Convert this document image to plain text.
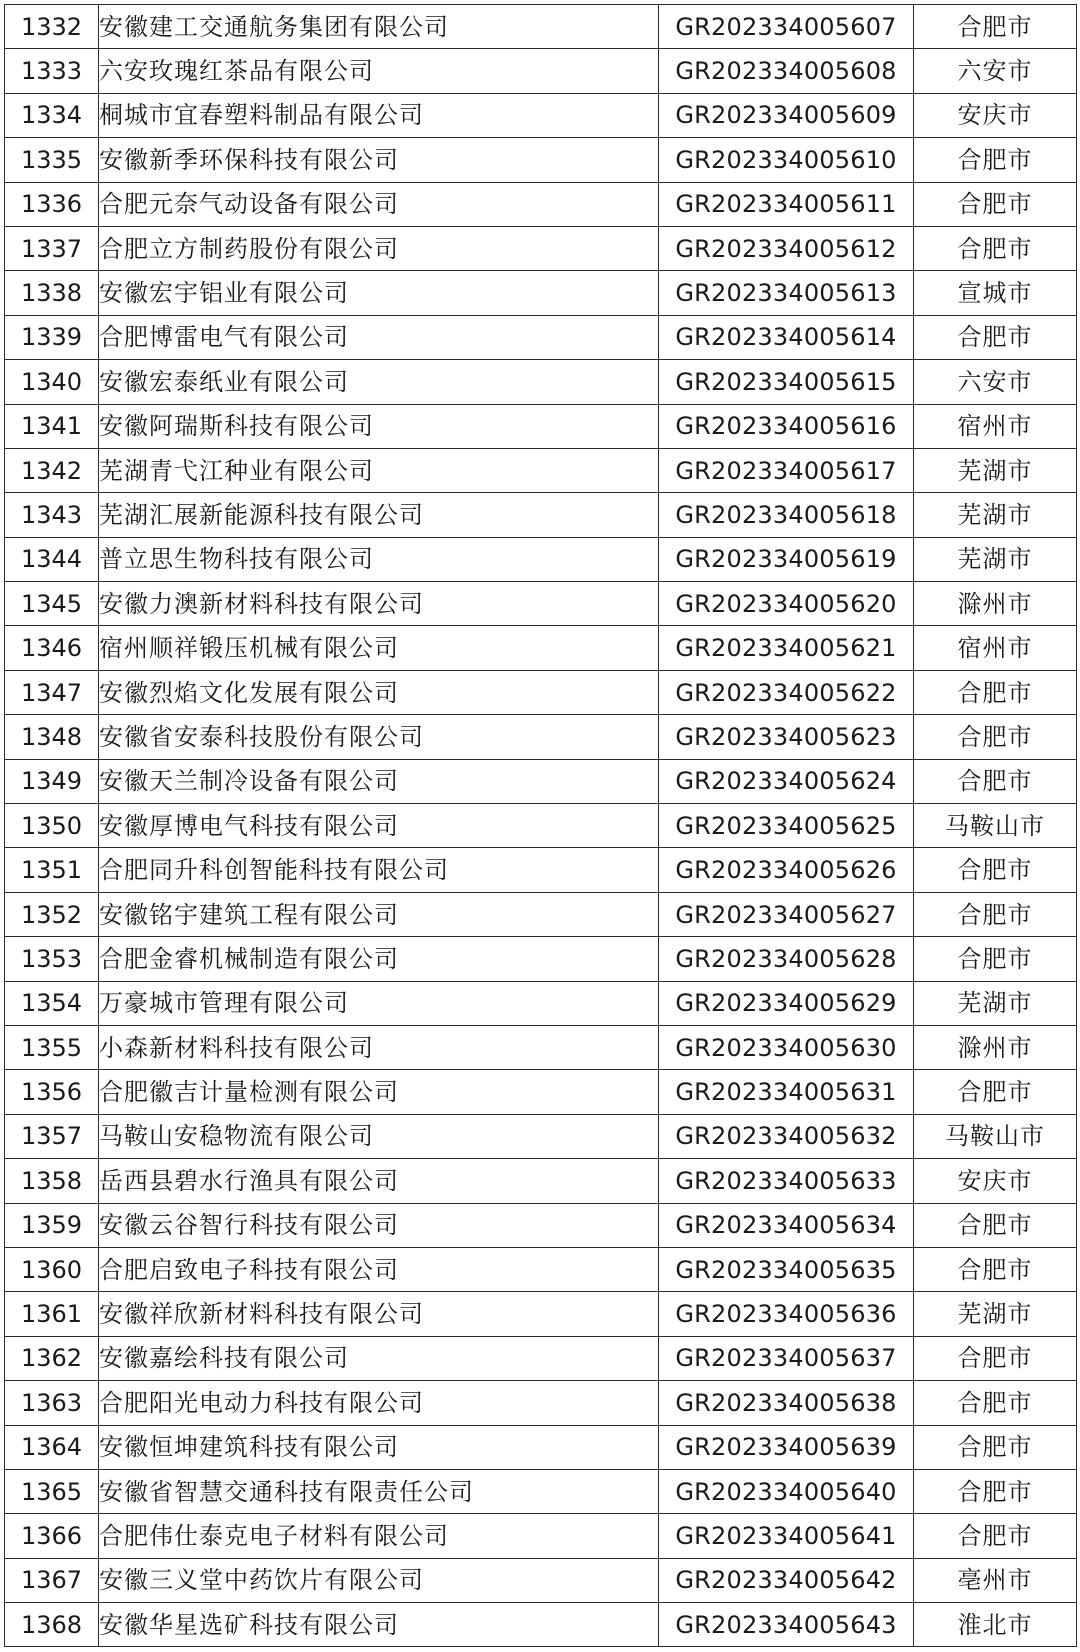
1332	安徽建工交通航务集团有限公司	GR202334005607	合肥市
1333	六安玫瑰红茶品有限公司	GR202334005608	六安市
1334	桐城市宜春塑料制品有限公司	GR202334005609	安庆市
1335	安徽新季环保科技有限公司	GR202334005610	合肥市
1336	合肥元奈气动设备有限公司	GR202334005611	合肥市
1337	合肥立方制药股份有限公司	GR202334005612	合肥市
1338	安徽宏宇铝业有限公司	GR202334005613	宣城市
1339	合肥博雷电气有限公司	GR202334005614	合肥市
1340	安徽宏泰纸业有限公司	GR202334005615	六安市
1341	安徽阿瑞斯科技有限公司	GR202334005616	宿州市
1342	芜湖青弋江种业有限公司	GR202334005617	芜湖市
1343	芜湖汇展新能源科技有限公司	GR202334005618	芜湖市
1344	普立思生物科技有限公司	GR202334005619	芜湖市
1345	安徽力澳新材料科技有限公司	GR202334005620	滁州市
1346	宿州顺祥锻压机械有限公司	GR202334005621	宿州市
1347	安徽烈焰文化发展有限公司	GR202334005622	合肥市
1348	安徽省安泰科技股份有限公司	GR202334005623	合肥市
1349	安徽天兰制冷设备有限公司	GR202334005624	合肥市
1350	安徽厚博电气科技有限公司	GR202334005625	马鞍山市
1351	合肥同升科创智能科技有限公司	GR202334005626	合肥市
1352	安徽铭宇建筑工程有限公司	GR202334005627	合肥市
1353	合肥金睿机械制造有限公司	GR202334005628	合肥市
1354	万豪城市管理有限公司	GR202334005629	芜湖市
1355	小森新材料科技有限公司	GR202334005630	滁州市
1356	合肥徽吉计量检测有限公司	GR202334005631	合肥市
1357	马鞍山安稳物流有限公司	GR202334005632	马鞍山市
1358	岳西县碧水行渔具有限公司	GR202334005633	安庆市
1359	安徽云谷智行科技有限公司	GR202334005634	合肥市
1360	合肥启致电子科技有限公司	GR202334005635	合肥市
1361	安徽祥欣新材料科技有限公司	GR202334005636	芜湖市
1362	安徽嘉绘科技有限公司	GR202334005637	合肥市
1363	合肥阳光电动力科技有限公司	GR202334005638	合肥市
1364	安徽恒坤建筑科技有限公司	GR202334005639	合肥市
1365	安徽省智慧交通科技有限责任公司	GR202334005640	合肥市
1366	合肥伟仕泰克电子材料有限公司	GR202334005641	合肥市
1367	安徽三义堂中药饮片有限公司	GR202334005642	亳州市
1368	安徽华星选矿科技有限公司	GR202334005643	淮北市
